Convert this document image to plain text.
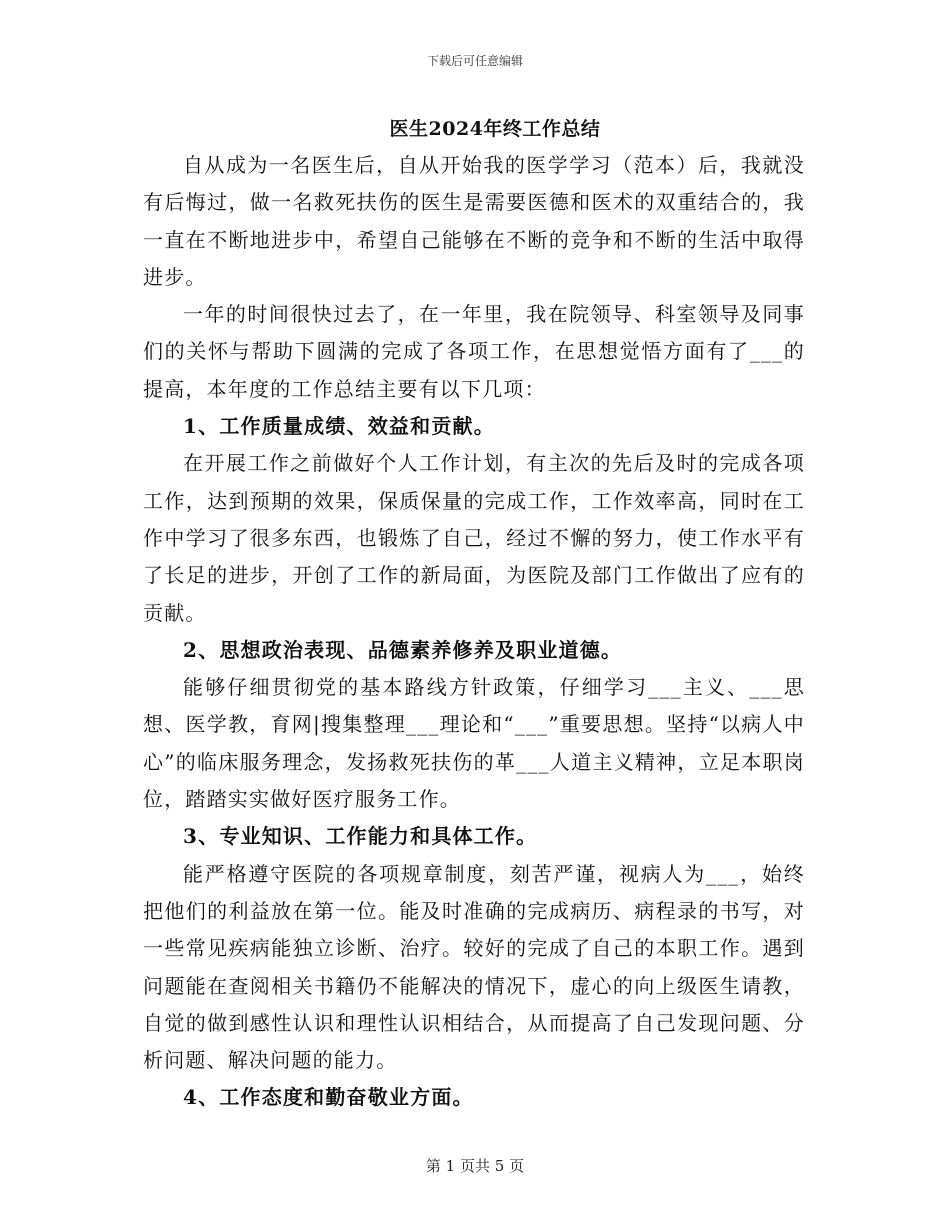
下载后可任意编辑
医生2024年终工作总结

自从成为一名医生后，自从开始我的医学学习（范本）后，我就没有后悔过，做一名救死扶伤的医生是需要医德和医术的双重结合的，我一直在不断地进步中，希望自己能够在不断的竞争和不断的生活中取得进步。

一年的时间很快过去了，在一年里，我在院领导、科室领导及同事们的关怀与帮助下圆满的完成了各项工作，在思想觉悟方面有了___的提高，本年度的工作总结主要有以下几项：

1、工作质量成绩、效益和贡献。

在开展工作之前做好个人工作计划，有主次的先后及时的完成各项工作，达到预期的效果，保质保量的完成工作，工作效率高，同时在工作中学习了很多东西，也锻炼了自己，经过不懈的努力，使工作水平有了长足的进步，开创了工作的新局面，为医院及部门工作做出了应有的贡献。

2、思想政治表现、品德素养修养及职业道德。

能够仔细贯彻党的基本路线方针政策，仔细学习___主义、___思想、医学教，育网|搜集整理___理论和“___”重要思想。坚持“以病人中心”的临床服务理念，发扬救死扶伤的革___人道主义精神，立足本职岗位，踏踏实实做好医疗服务工作。

3、专业知识、工作能力和具体工作。

能严格遵守医院的各项规章制度，刻苦严谨，视病人为___，始终把他们的利益放在第一位。能及时准确的完成病历、病程录的书写，对一些常见疾病能独立诊断、治疗。较好的完成了自己的本职工作。遇到问题能在查阅相关书籍仍不能解决的情况下，虚心的向上级医生请教，自觉的做到感性认识和理性认识相结合，从而提高了自己发现问题、分析问题、解决问题的能力。

4、工作态度和勤奋敬业方面。

第 1 页共 5 页
